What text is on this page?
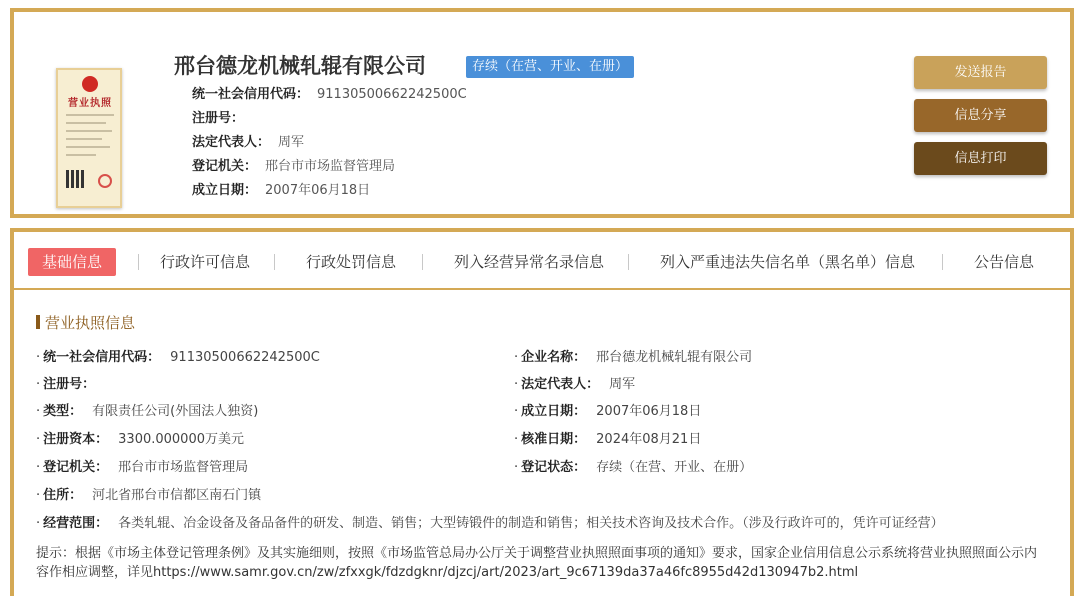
营业执照
邢台德龙机械轧辊有限公司	存续（在营、开业、在册）
统一社会信用代码： 91130500662242500C
注册号：
法定代表人： 周军
登记机关： 邢台市市场监督管理局
成立日期： 2007年06月18日
发送报告
信息分享
信息打印
基础信息	行政许可信息	行政处罚信息	列入经营异常名录信息	列入严重违法失信名单（黑名单）信息	公告信息
营业执照信息
· 统一社会信用代码： 91130500662242500C
· 注册号：
· 类型： 有限责任公司(外国法人独资)
· 注册资本： 3300.000000万美元
· 登记机关： 邢台市市场监督管理局
· 住所： 河北省邢台市信都区南石门镇
· 企业名称： 邢台德龙机械轧辊有限公司
· 法定代表人： 周军
· 成立日期： 2007年06月18日
· 核准日期： 2024年08月21日
· 登记状态： 存续（在营、开业、在册）
· 经营范围： 各类轧辊、冶金设备及备品备件的研发、制造、销售；大型铸锻件的制造和销售；相关技术咨询及技术合作。（涉及行政许可的，凭许可证经营）
提示：根据《市场主体登记管理条例》及其实施细则，按照《市场监管总局办公厅关于调整营业执照照面事项的通知》要求，国家企业信用信息公示系统将营业执照照面公示内容作相应调整，详见https://www.samr.gov.cn/zw/zfxxgk/fdzdgknr/djzcj/art/2023/art_9c67139da37a46fc8955d42d130947b2.html
